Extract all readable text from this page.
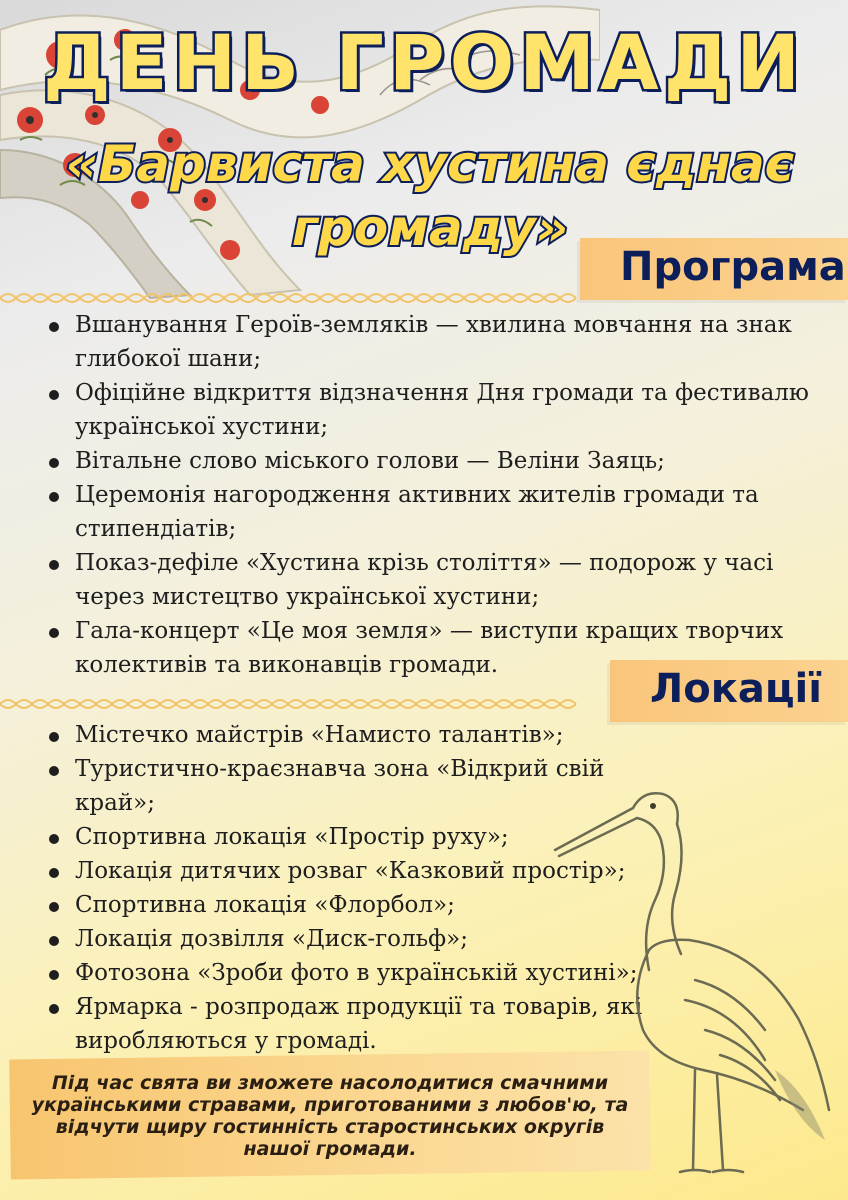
ДЕНЬ ГРОМАДИ
«Барвиста хустина єднає громаду»
Програма
Вшанування Героїв-земляків — хвилина мовчання на знак глибокої шани;
Офіційне відкриття відзначення Дня громади та фестивалю української хустини;
Вітальне слово міського голови — Веліни Заяць;
Церемонія нагородження активних жителів громади та стипендіатів;
Показ-дефіле «Хустина крізь століття» — подорож у часі через мистецтво української хустини;
Гала-концерт «Це моя земля» — виступи кращих творчих колективів та виконавців громади.
Локації
Містечко майстрів «Намисто талантів»;
Туристично-краєзнавча зона «Відкрий свій край»;
Спортивна локація «Простір руху»;
Локація дитячих розваг «Казковий простір»;
Спортивна локація «Флорбол»;
Локація дозвілля «Диск-гольф»;
Фотозона «Зроби фото в українській хустині»;
Ярмарка - розпродаж продукції та товарів, які виробляються у громаді.
Під час свята ви зможете насолодитися смачними українськими стравами, приготованими з любов'ю, та відчути щиру гостинність старостинських округів нашої громади.
